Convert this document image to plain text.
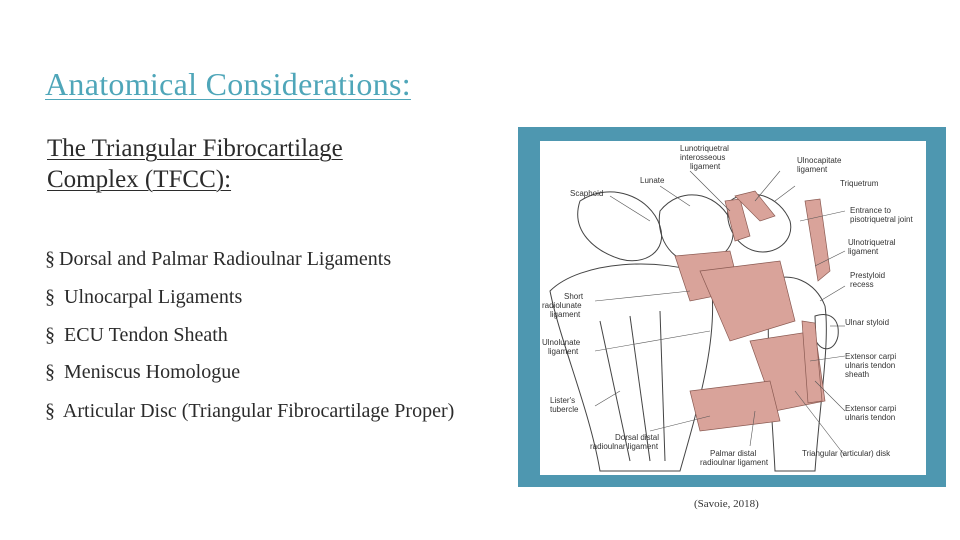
Anatomical Considerations:
The Triangular Fibrocartilage
Complex (TFCC):
§ Dorsal and Palmar Radioulnar Ligaments
§ Ulnocarpal Ligaments
§ ECU Tendon Sheath
§ Meniscus Homologue
§ Articular Disc (Triangular Fibrocartilage Proper)
Lunotriquetral
interosseous
ligament
Ulnocapitate
ligament
Lunate	Triquetrum
Scaphoid
Entrance to
pisotriquetral joint
Ulnotriquetral
ligament
Prestyloid
recess
Short
radiolunate
ligament
Ulnar styloid
Ulnolunate
ligament
Extensor carpi
ulnaris tendon
sheath
Lister's
tubercle	Extensor carpi
ulnaris tendon
Dorsal distal
radioulnar ligament
Palmar distal
radioulnar ligament
Triangular (articular) disk
(Savoie, 2018)
